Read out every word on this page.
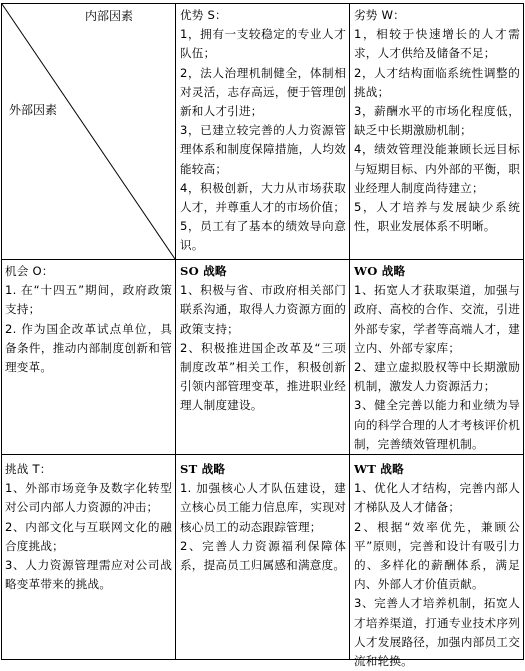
内部因素
外部因素

优势 S：

1，拥有一支较稳定的专业人才队伍；

2，法人治理机制健全，体制相对灵活，志存高远，便于管理创新和人才引进；

3，已建立较完善的人力资源管理体系和制度保障措施，人均效能较高；

4，积极创新，大力从市场获取人才，并尊重人才的市场价值；

5，员工有了基本的绩效导向意识。

劣势 W：

1，相较于快速增长的人才需求，人才供给及储备不足；

2，人才结构面临系统性调整的挑战；

3，薪酬水平的市场化程度低，缺乏中长期激励机制；

4，绩效管理没能兼顾长远目标与短期目标、内外部的平衡，职业经理人制度尚待建立；

5，人才培养与发展缺少系统性，职业发展体系不明晰。

机会 O：

1. 在“十四五”期间，政府政策支持；

2. 作为国企改革试点单位，具备条件，推动内部制度创新和管理变革。

SO 战略

1、积极与省、市政府相关部门联系沟通，取得人力资源方面的政策支持；

2、积极推进国企改革及“三项制度改革”相关工作，积极创新引领内部管理变革，推进职业经理人制度建设。

WO 战略

1、拓宽人才获取渠道，加强与政府、高校的合作、交流，引进外部专家，学者等高端人才，建立内、外部专家库；

2、建立虚拟股权等中长期激励机制，激发人力资源活力；

3、健全完善以能力和业绩为导向的科学合理的人才考核评价机制，完善绩效管理机制。

挑战 T：

1、外部市场竞争及数字化转型对公司内部人力资源的冲击；

2、内部文化与互联网文化的融合度挑战；

3、人力资源管理需应对公司战略变革带来的挑战。

ST 战略

1. 加强核心人才队伍建设，建立核心员工能力信息库，实现对核心员工的动态跟踪管理；

2、完善人力资源福利保障体系，提高员工归属感和满意度。

WT 战略

1、优化人才结构，完善内部人才梯队及人才储备；

2、根据“效率优先，兼顾公平”原则，完善和设计有吸引力的、多样化的薪酬体系，满足内、外部人才价值贡献。

3、完善人才培养机制，拓宽人才培养渠道，打通专业技术序列人才发展路径，加强内部员工交流和轮换。
